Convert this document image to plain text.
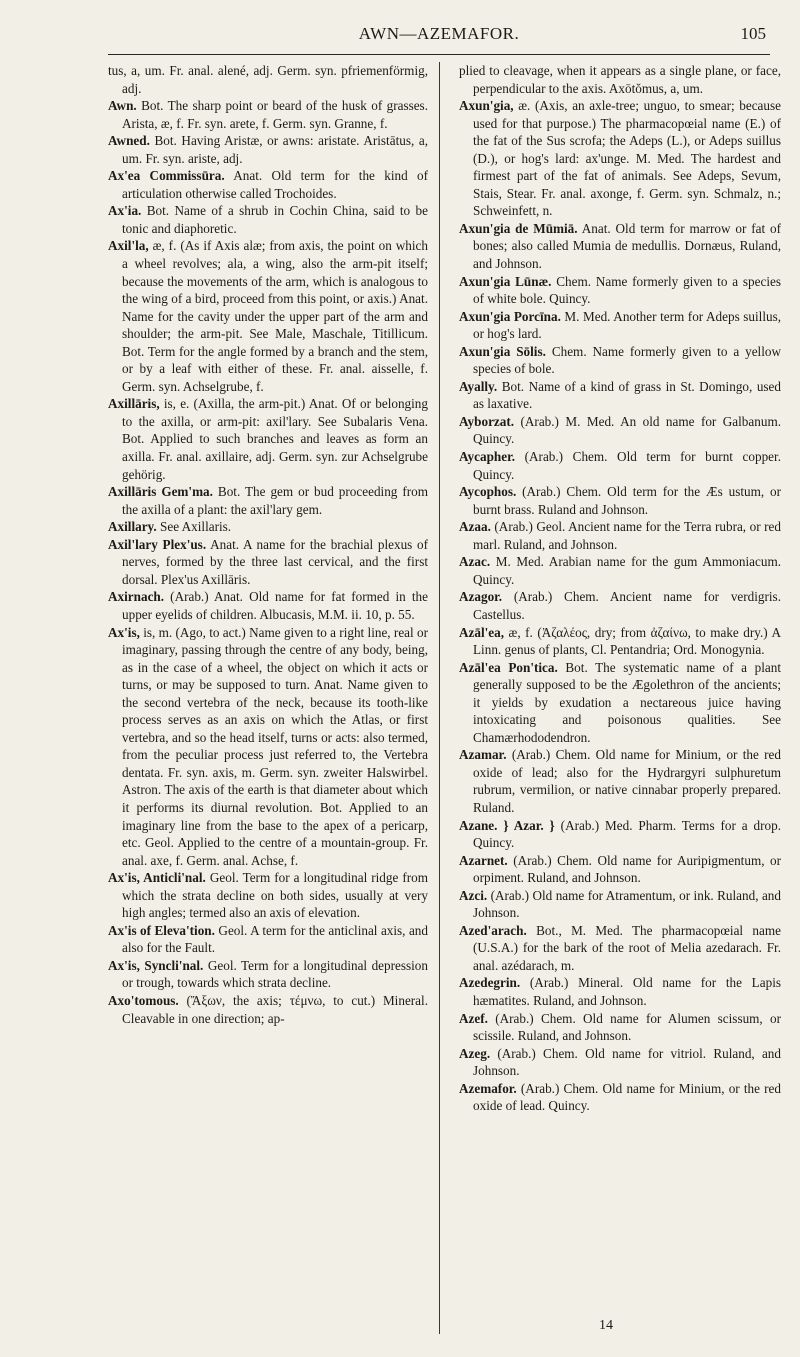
AWN—AZEMAFOR.	105

tus, a, um. Fr. anal. alené, adj. Germ. syn. pfriemenförmig, adj.

Awn. Bot. The sharp point or beard of the husk of grasses. Arista, æ, f. Fr. syn. arete, f. Germ. syn. Granne, f.

Awned. Bot. Having Aristæ, or awns: aristate. Aristātus, a, um. Fr. syn. ariste, adj.

Ax'ea Commissūra. Anat. Old term for the kind of articulation otherwise called Trochoides.

Ax'ia. Bot. Name of a shrub in Cochin China, said to be tonic and diaphoretic.

Axil'la, æ, f. (As if Axis alæ; from axis, the point on which a wheel revolves; ala, a wing, also the arm-pit itself; because the movements of the arm, which is analogous to the wing of a bird, proceed from this point, or axis.) Anat. Name for the cavity under the upper part of the arm and shoulder; the arm-pit. See Male, Maschale, Titillicum. Bot. Term for the angle formed by a branch and the stem, or by a leaf with either of these. Fr. anal. aisselle, f. Germ. syn. Achselgrube, f.

Axillāris, is, e. (Axilla, the arm-pit.) Anat. Of or belonging to the axilla, or arm-pit: axil'lary. See Subalaris Vena. Bot. Applied to such branches and leaves as form an axilla. Fr. anal. axillaire, adj. Germ. syn. zur Achselgrube gehörig.

Axillāris Gem'ma. Bot. The gem or bud proceeding from the axilla of a plant: the axil'lary gem.

Axillary. See Axillaris.

Axil'lary Plex'us. Anat. A name for the brachial plexus of nerves, formed by the three last cervical, and the first dorsal. Plex'us Axillāris.

Axirnach. (Arab.) Anat. Old name for fat formed in the upper eyelids of children. Albucasis, M.M. ii. 10, p. 55.

Ax'is, is, m. (Ago, to act.) Name given to a right line, real or imaginary, passing through the centre of any body, being, as in the case of a wheel, the object on which it acts or turns, or may be supposed to turn. Anat. Name given to the second vertebra of the neck, because its tooth-like process serves as an axis on which the Atlas, or first vertebra, and so the head itself, turns or acts: also termed, from the peculiar process just referred to, the Vertebra dentata. Fr. syn. axis, m. Germ. syn. zweiter Halswirbel. Astron. The axis of the earth is that diameter about which it performs its diurnal revolution. Bot. Applied to an imaginary line from the base to the apex of a pericarp, etc. Geol. Applied to the centre of a mountain-group. Fr. anal. axe, f. Germ. anal. Achse, f.

Ax'is, Anticli'nal. Geol. Term for a longitudinal ridge from which the strata decline on both sides, usually at very high angles; termed also an axis of elevation.

Ax'is of Eleva'tion. Geol. A term for the anticlinal axis, and also for the Fault.

Ax'is, Syncli'nal. Geol. Term for a longitudinal depression or trough, towards which strata decline.

Axo'tomous. (Ἄξων, the axis; τέμνω, to cut.) Mineral. Cleavable in one direction; ap-

plied to cleavage, when it appears as a single plane, or face, perpendicular to the axis. Axōtŏmus, a, um.

Axun'gia, æ. (Axis, an axle-tree; unguo, to smear; because used for that purpose.) The pharmacopœial name (E.) of the fat of the Sus scrofa; the Adeps (L.), or Adeps suillus (D.), or hog's lard: ax'unge. M. Med. The hardest and firmest part of the fat of animals. See Adeps, Sevum, Stais, Stear. Fr. anal. axonge, f. Germ. syn. Schmalz, n.; Schweinfett, n.

Axun'gia de Mūmiā. Anat. Old term for marrow or fat of bones; also called Mumia de medullis. Dornæus, Ruland, and Johnson.

Axun'gia Lūnæ. Chem. Name formerly given to a species of white bole. Quincy.

Axun'gia Porcīna. M. Med. Another term for Adeps suillus, or hog's lard.

Axun'gia Sōlis. Chem. Name formerly given to a yellow species of bole.

Ayally. Bot. Name of a kind of grass in St. Domingo, used as laxative.

Ayborzat. (Arab.) M. Med. An old name for Galbanum. Quincy.

Aycapher. (Arab.) Chem. Old term for burnt copper. Quincy.

Aycophos. (Arab.) Chem. Old term for the Æs ustum, or burnt brass. Ruland and Johnson.

Azaa. (Arab.) Geol. Ancient name for the Terra rubra, or red marl. Ruland, and Johnson.

Azac. M. Med. Arabian name for the gum Ammoniacum. Quincy.

Azagor. (Arab.) Chem. Ancient name for verdigris. Castellus.

Azāl'ea, æ, f. (Ἀζαλέος, dry; from ἀζαίνω, to make dry.) A Linn. genus of plants, Cl. Pentandria; Ord. Monogynia.

Azāl'ea Pon'tica. Bot. The systematic name of a plant generally supposed to be the Ægolethron of the ancients; it yields by exudation a nectareous juice having intoxicating and poisonous qualities. See Chamærhododendron.

Azamar. (Arab.) Chem. Old name for Minium, or the red oxide of lead; also for the Hydrargyri sulphuretum rubrum, vermilion, or native cinnabar properly prepared. Ruland.

Azane. } Azar. } (Arab.) Med. Pharm. Terms for a drop. Quincy.

Azarnet. (Arab.) Chem. Old name for Auripigmentum, or orpiment. Ruland, and Johnson.

Azci. (Arab.) Old name for Atramentum, or ink. Ruland, and Johnson.

Azed'arach. Bot., M. Med. The pharmacopœial name (U.S.A.) for the bark of the root of Melia azedarach. Fr. anal. azédarach, m.

Azedegrin. (Arab.) Mineral. Old name for the Lapis hæmatites. Ruland, and Johnson.

Azef. (Arab.) Chem. Old name for Alumen scissum, or scissile. Ruland, and Johnson.

Azeg. (Arab.) Chem. Old name for vitriol. Ruland, and Johnson.

Azemafor. (Arab.) Chem. Old name for Minium, or the red oxide of lead. Quincy.

14
